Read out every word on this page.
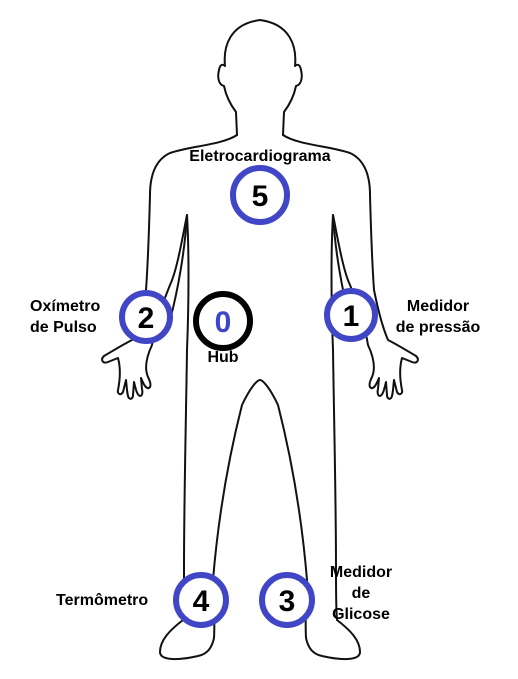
0	1
2
3
4
5
Eletrocardiograma
Oxímetro
de Pulso
Hub
Medidor
de pressão
Termômetro
Medidor
de
Glicose
